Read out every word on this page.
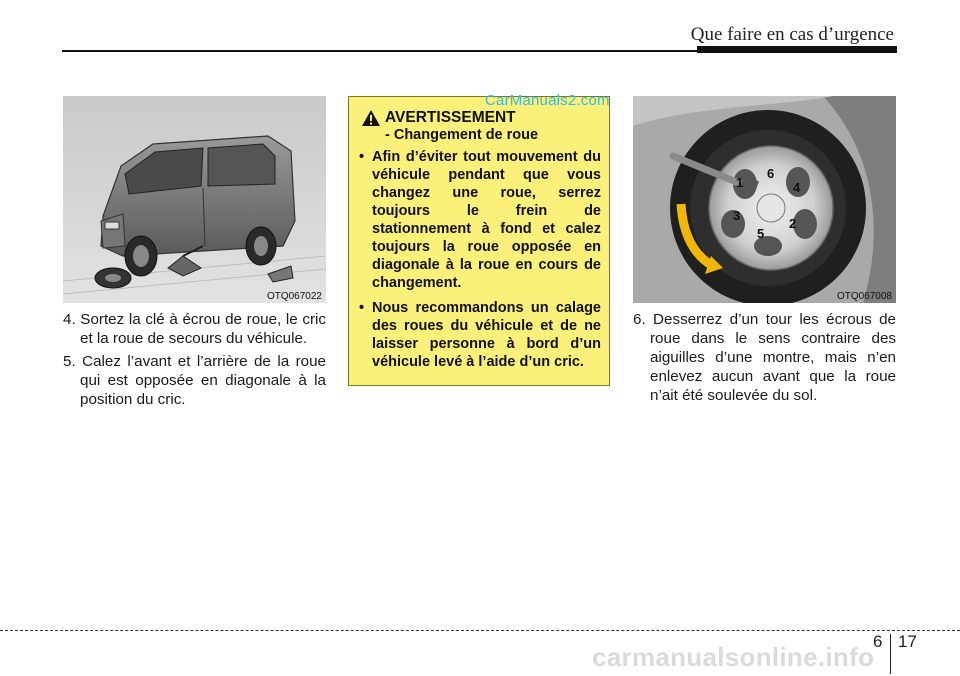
Que faire en cas d’urgence
OTQ067022

4. Sortez la clé à écrou de roue, le cric et la roue de secours du véhicule.

5. Calez l’avant et l’arrière de la roue qui est opposée en diagonale à la position du cric.

AVERTISSEMENT
- Changement de roue
• Afin d’éviter tout mouvement du véhicule pendant que vous changez une roue, serrez toujours le frein de stationnement à fond et calez toujours la roue opposée en diagonale à la roue en cours de changement.
• Nous recommandons un calage des roues du véhicule et de ne laisser personne à bord d’un véhicule levé à l’aide d’un cric.
CarManuals2.com
1
2
3
4
5
6
OTQ067008

6. Desserrez d’un tour les écrous de roue dans le sens contraire des aiguilles d’une montre, mais n’en enlevez aucun avant que la roue n’ait été soulevée du sol.

6 17
carmanualsonline.info
